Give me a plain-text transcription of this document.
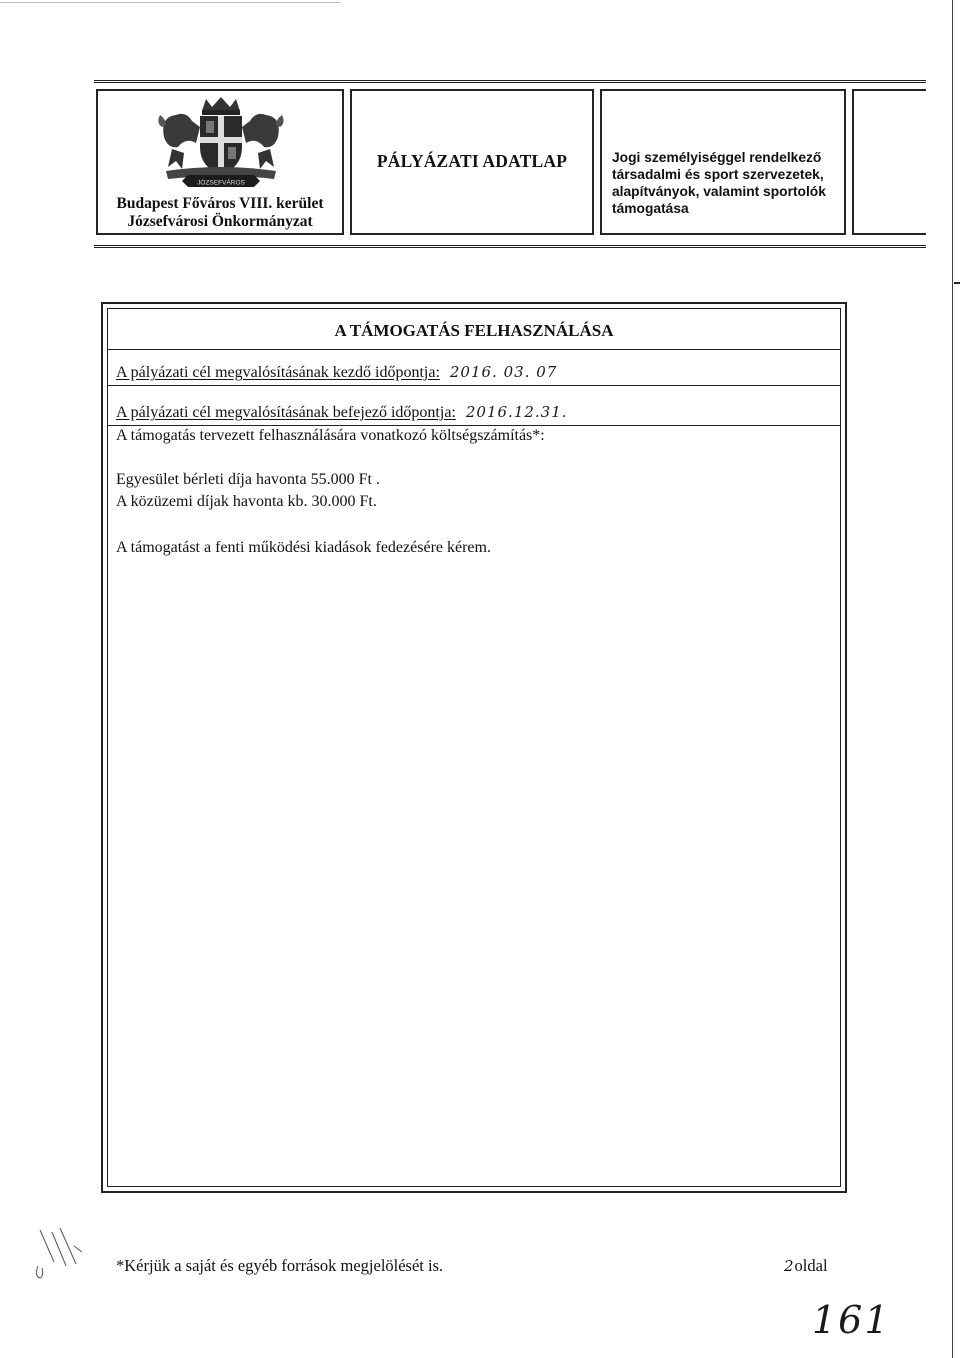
JÓZSEFVÁROS
Budapest Főváros VIII. kerület
Józsefvárosi Önkormányzat
PÁLYÁZATI ADATLAP	Jogi személyiséggel rendelkező társadalmi és sport szervezetek, alapítványok, valamint sportolók támogatása
A TÁMOGATÁS FELHASZNÁLÁSA
A pályázati cél megvalósításának kezdő időpontja: 2016. 03. 07
A pályázati cél megvalósításának befejező időpontja: 2016.12.31.
A támogatás tervezett felhasználására vonatkozó költségszámítás*:
Egyesület bérleti díja havonta 55.000 Ft .
A közüzemi díjak havonta kb. 30.000 Ft.
A támogatást a fenti működési kiadások fedezésére kérem.
*Kérjük a saját és egyéb források megjelölését is.	2oldal
161
